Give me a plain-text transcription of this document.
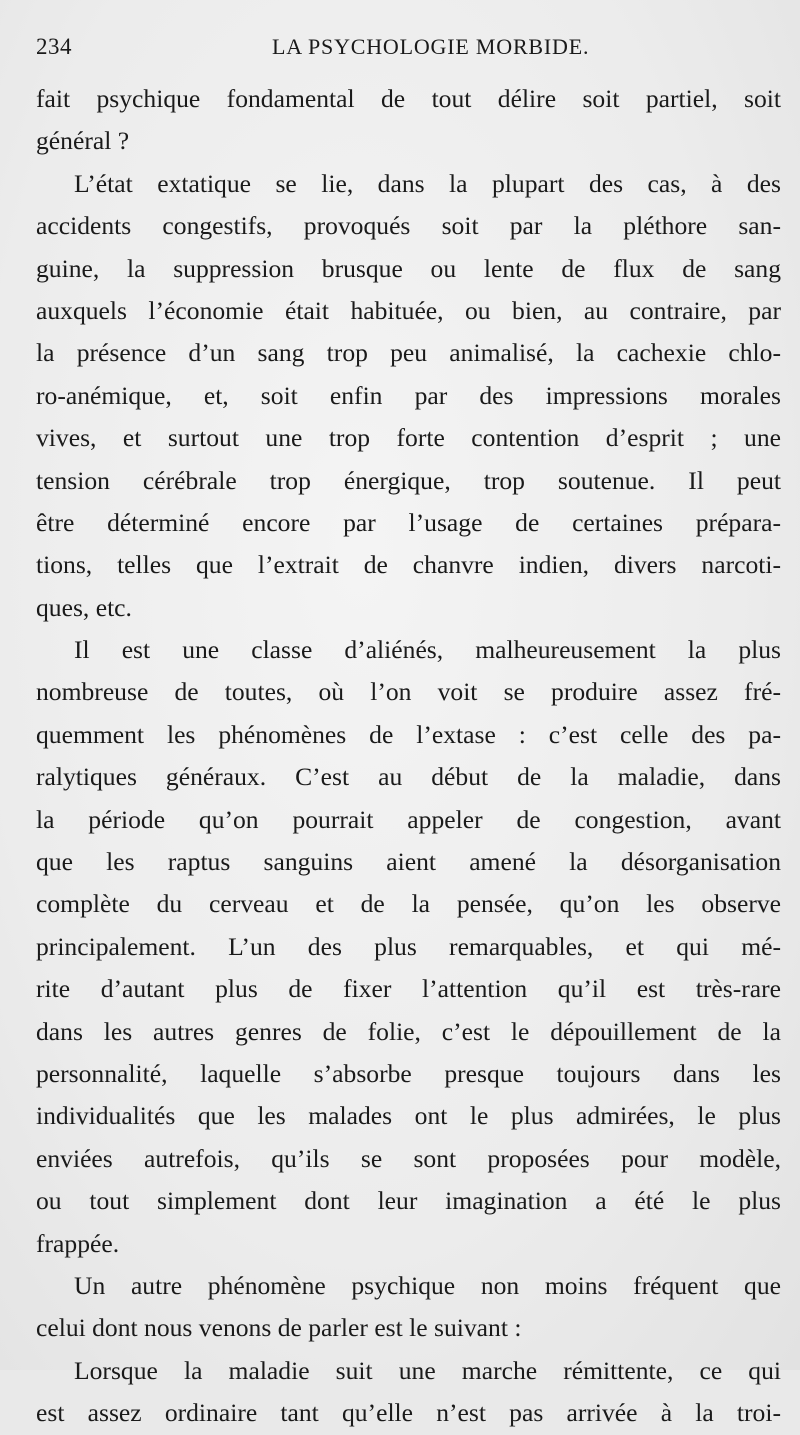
234	LA PSYCHOLOGIE MORBIDE.
fait psychique fondamental de tout délire soit partiel, soit
général ?
L’état extatique se lie, dans la plupart des cas, à des
accidents congestifs, provoqués soit par la pléthore san-
guine, la suppression brusque ou lente de flux de sang
auxquels l’économie était habituée, ou bien, au contraire, par
la présence d’un sang trop peu animalisé, la cachexie chlo-
ro-anémique, et, soit enfin par des impressions morales
vives, et surtout une trop forte contention d’esprit ; une
tension cérébrale trop énergique, trop soutenue. Il peut
être déterminé encore par l’usage de certaines prépara-
tions, telles que l’extrait de chanvre indien, divers narcoti-
ques, etc.
Il est une classe d’aliénés, malheureusement la plus
nombreuse de toutes, où l’on voit se produire assez fré-
quemment les phénomènes de l’extase : c’est celle des pa-
ralytiques généraux. C’est au début de la maladie, dans
la période qu’on pourrait appeler de congestion, avant
que les raptus sanguins aient amené la désorganisation
complète du cerveau et de la pensée, qu’on les observe
principalement. L’un des plus remarquables, et qui mé-
rite d’autant plus de fixer l’attention qu’il est très-rare
dans les autres genres de folie, c’est le dépouillement de la
personnalité, laquelle s’absorbe presque toujours dans les
individualités que les malades ont le plus admirées, le plus
enviées autrefois, qu’ils se sont proposées pour modèle,
ou tout simplement dont leur imagination a été le plus
frappée.
Un autre phénomène psychique non moins fréquent que
celui dont nous venons de parler est le suivant :
Lorsque la maladie suit une marche rémittente, ce qui
est assez ordinaire tant qu’elle n’est pas arrivée à la troi-
